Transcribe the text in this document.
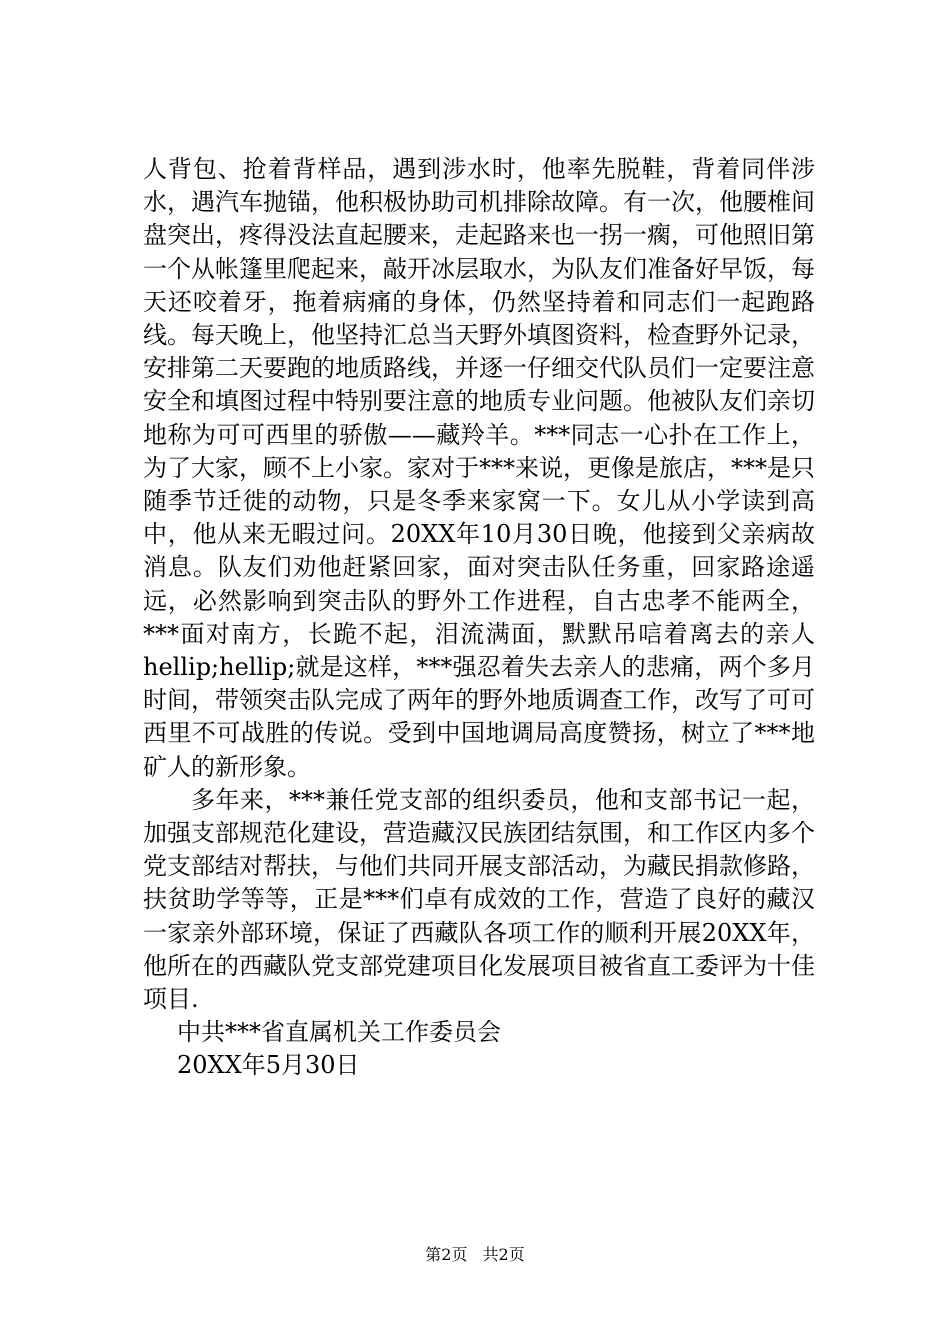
人背包、抢着背样品，遇到涉水时，他率先脱鞋，背着同伴涉水，遇汽车抛锚，他积极协助司机排除故障。有一次，他腰椎间盘突出，疼得没法直起腰来，走起路来也一拐一瘸，可他照旧第一个从帐篷里爬起来，敲开冰层取水，为队友们准备好早饭，每天还咬着牙，拖着病痛的身体，仍然坚持着和同志们一起跑路线。每天晚上，他坚持汇总当天野外填图资料，检查野外记录，安排第二天要跑的地质路线，并逐一仔细交代队员们一定要注意安全和填图过程中特别要注意的地质专业问题。他被队友们亲切地称为可可西里的骄傲——藏羚羊。***同志一心扑在工作上，为了大家，顾不上小家。家对于***来说，更像是旅店，***是只随季节迁徙的动物，只是冬季来家窝一下。女儿从小学读到高中，他从来无暇过问。20XX年10月30日晚，他接到父亲病故消息。队友们劝他赶紧回家，面对突击队任务重，回家路途遥远，必然影响到突击队的野外工作进程，自古忠孝不能两全，***面对南方，长跪不起，泪流满面，默默吊唁着离去的亲人hellip;hellip;就是这样，***强忍着失去亲人的悲痛，两个多月时间，带领突击队完成了两年的野外地质调查工作，改写了可可西里不可战胜的传说。受到中国地调局高度赞扬，树立了***地矿人的新形象。

多年来，***兼任党支部的组织委员，他和支部书记一起，加强支部规范化建设，营造藏汉民族团结氛围，和工作区内多个党支部结对帮扶，与他们共同开展支部活动，为藏民捐款修路，扶贫助学等等，正是***们卓有成效的工作，营造了良好的藏汉一家亲外部环境，保证了西藏队各项工作的顺利开展20XX年，他所在的西藏队党支部党建项目化发展项目被省直工委评为十佳项目.

中共***省直属机关工作委员会

20XX年5月30日

第2页 共2页
